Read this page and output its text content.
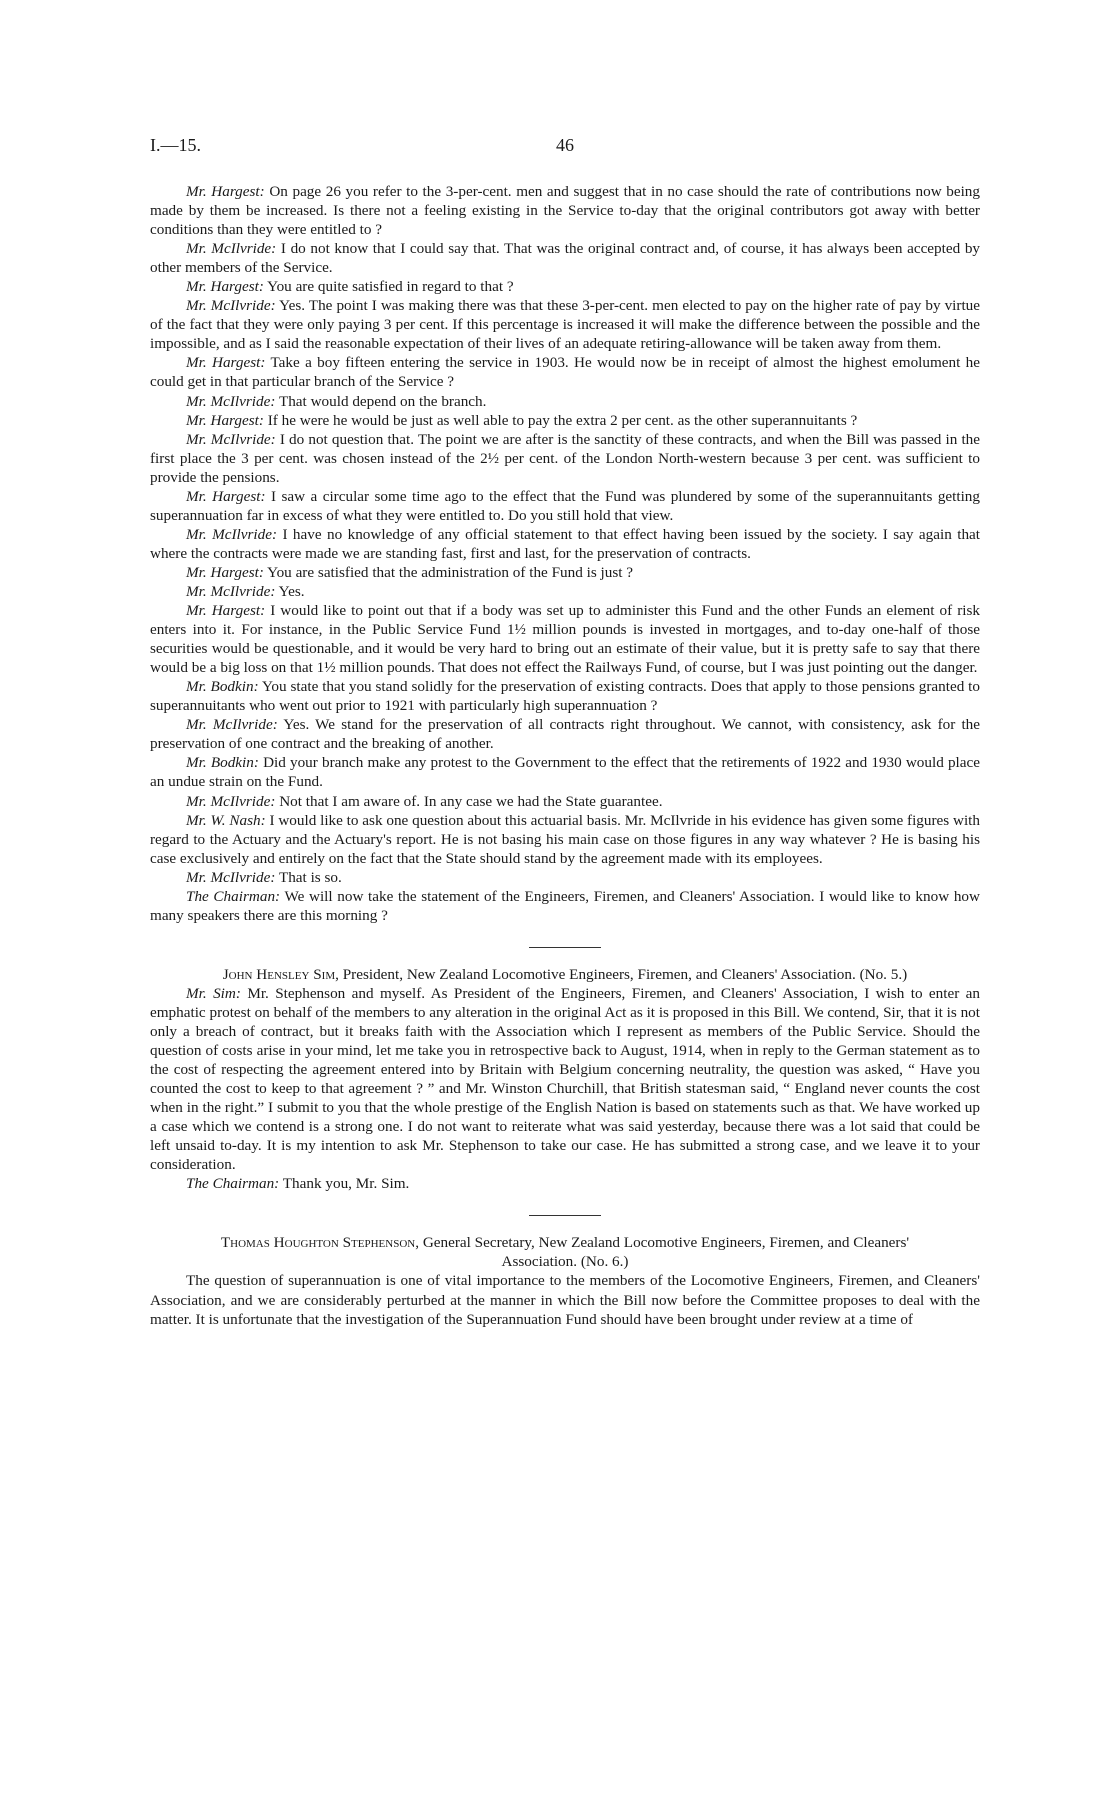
I.—15.	46

Mr. Hargest: On page 26 you refer to the 3-per-cent. men and suggest that in no case should the rate of contributions now being made by them be increased. Is there not a feeling existing in the Service to-day that the original contributors got away with better conditions than they were entitled to ?

Mr. McIlvride: I do not know that I could say that. That was the original contract and, of course, it has always been accepted by other members of the Service.

Mr. Hargest: You are quite satisfied in regard to that ?

Mr. McIlvride: Yes. The point I was making there was that these 3-per-cent. men elected to pay on the higher rate of pay by virtue of the fact that they were only paying 3 per cent. If this percentage is increased it will make the difference between the possible and the impossible, and as I said the reasonable expectation of their lives of an adequate retiring-allowance will be taken away from them.

Mr. Hargest: Take a boy fifteen entering the service in 1903. He would now be in receipt of almost the highest emolument he could get in that particular branch of the Service ?

Mr. McIlvride: That would depend on the branch.

Mr. Hargest: If he were he would be just as well able to pay the extra 2 per cent. as the other superannuitants ?

Mr. McIlvride: I do not question that. The point we are after is the sanctity of these contracts, and when the Bill was passed in the first place the 3 per cent. was chosen instead of the 2½ per cent. of the London North-western because 3 per cent. was sufficient to provide the pensions.

Mr. Hargest: I saw a circular some time ago to the effect that the Fund was plundered by some of the superannuitants getting superannuation far in excess of what they were entitled to. Do you still hold that view.

Mr. McIlvride: I have no knowledge of any official statement to that effect having been issued by the society. I say again that where the contracts were made we are standing fast, first and last, for the preservation of contracts.

Mr. Hargest: You are satisfied that the administration of the Fund is just ?

Mr. McIlvride: Yes.

Mr. Hargest: I would like to point out that if a body was set up to administer this Fund and the other Funds an element of risk enters into it. For instance, in the Public Service Fund 1½ million pounds is invested in mortgages, and to-day one-half of those securities would be questionable, and it would be very hard to bring out an estimate of their value, but it is pretty safe to say that there would be a big loss on that 1½ million pounds. That does not effect the Railways Fund, of course, but I was just pointing out the danger.

Mr. Bodkin: You state that you stand solidly for the preservation of existing contracts. Does that apply to those pensions granted to superannuitants who went out prior to 1921 with particularly high superannuation ?

Mr. McIlvride: Yes. We stand for the preservation of all contracts right throughout. We cannot, with consistency, ask for the preservation of one contract and the breaking of another.

Mr. Bodkin: Did your branch make any protest to the Government to the effect that the retirements of 1922 and 1930 would place an undue strain on the Fund.

Mr. McIlvride: Not that I am aware of. In any case we had the State guarantee.

Mr. W. Nash: I would like to ask one question about this actuarial basis. Mr. McIlvride in his evidence has given some figures with regard to the Actuary and the Actuary's report. He is not basing his main case on those figures in any way whatever ? He is basing his case exclusively and entirely on the fact that the State should stand by the agreement made with its employees.

Mr. McIlvride: That is so.

The Chairman: We will now take the statement of the Engineers, Firemen, and Cleaners' Association. I would like to know how many speakers there are this morning ?

John Hensley Sim, President, New Zealand Locomotive Engineers, Firemen, and Cleaners' Association. (No. 5.)

Mr. Sim: Mr. Stephenson and myself. As President of the Engineers, Firemen, and Cleaners' Association, I wish to enter an emphatic protest on behalf of the members to any alteration in the original Act as it is proposed in this Bill. We contend, Sir, that it is not only a breach of contract, but it breaks faith with the Association which I represent as members of the Public Service. Should the question of costs arise in your mind, let me take you in retrospective back to August, 1914, when in reply to the German statement as to the cost of respecting the agreement entered into by Britain with Belgium concerning neutrality, the question was asked, “ Have you counted the cost to keep to that agreement ? ” and Mr. Winston Churchill, that British statesman said, “ England never counts the cost when in the right.” I submit to you that the whole prestige of the English Nation is based on statements such as that. We have worked up a case which we contend is a strong one. I do not want to reiterate what was said yesterday, because there was a lot said that could be left unsaid to-day. It is my intention to ask Mr. Stephenson to take our case. He has submitted a strong case, and we leave it to your consideration.

The Chairman: Thank you, Mr. Sim.

Thomas Houghton Stephenson, General Secretary, New Zealand Locomotive Engineers, Firemen, and Cleaners' Association. (No. 6.)

The question of superannuation is one of vital importance to the members of the Locomotive Engineers, Firemen, and Cleaners' Association, and we are considerably perturbed at the manner in which the Bill now before the Committee proposes to deal with the matter. It is unfortunate that the investigation of the Superannuation Fund should have been brought under review at a time of
